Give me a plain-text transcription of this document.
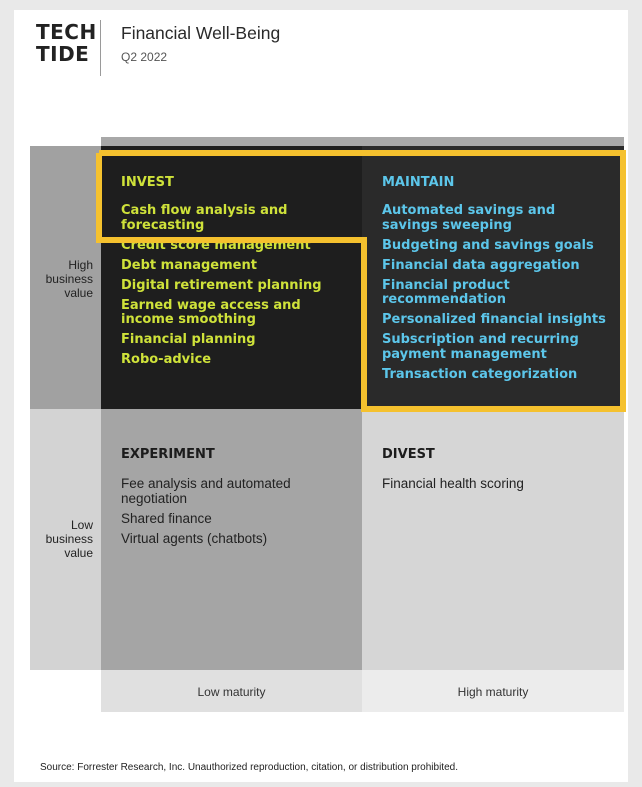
TECH
TIDE
Financial Well-Being
Q2 2022
High
business
value
Low
business
value
INVEST
Cash flow analysis and forecasting
Credit score management
Debt management
Digital retirement planning
Earned wage access and income smoothing
Financial planning
Robo-advice
MAINTAIN
Automated savings and savings sweeping
Budgeting and savings goals
Financial data aggregation
Financial product recommendation
Personalized financial insights
Subscription and recurring payment management
Transaction categorization
EXPERIMENT
Fee analysis and automated negotiation
Shared finance
Virtual agents (chatbots)
DIVEST
Financial health scoring
Low maturity	High maturity
Source: Forrester Research, Inc. Unauthorized reproduction, citation, or distribution prohibited.
